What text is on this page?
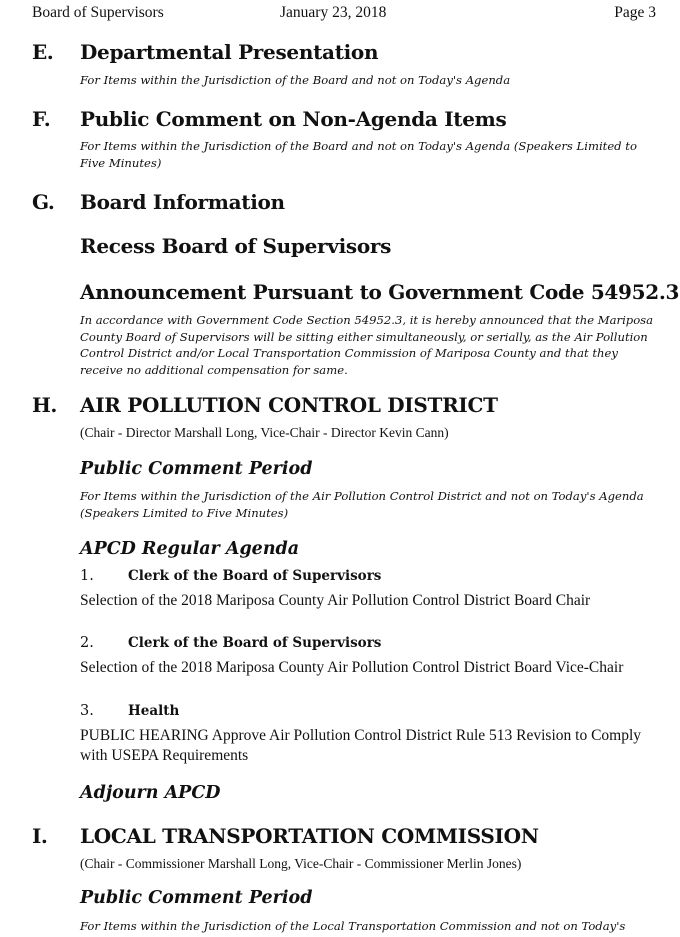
Board of Supervisors	January 23, 2018	Page 3
E. Departmental Presentation
For Items within the Jurisdiction of the Board and not on Today's Agenda
F. Public Comment on Non-Agenda Items
For Items within the Jurisdiction of the Board and not on Today's Agenda (Speakers Limited to Five Minutes)
G. Board Information
Recess Board of Supervisors
Announcement Pursuant to Government Code 54952.3
In accordance with Government Code Section 54952.3, it is hereby announced that the Mariposa County Board of Supervisors will be sitting either simultaneously, or serially, as the Air Pollution Control District and/or Local Transportation Commission of Mariposa County and that they receive no additional compensation for same.
H. AIR POLLUTION CONTROL DISTRICT
(Chair - Director Marshall Long, Vice-Chair - Director Kevin Cann)
Public Comment Period
For Items within the Jurisdiction of the Air Pollution Control District and not on Today's Agenda (Speakers Limited to Five Minutes)
APCD Regular Agenda
1.	Clerk of the Board of Supervisors
Selection of the 2018 Mariposa County Air Pollution Control District Board Chair
2.	Clerk of the Board of Supervisors
Selection of the 2018 Mariposa County Air Pollution Control District Board Vice-Chair
3.	Health
PUBLIC HEARING Approve Air Pollution Control District Rule 513 Revision to Comply with USEPA Requirements
Adjourn APCD
I. LOCAL TRANSPORTATION COMMISSION
(Chair - Commissioner Marshall Long, Vice-Chair - Commissioner Merlin Jones)
Public Comment Period
For Items within the Jurisdiction of the Local Transportation Commission and not on Today's
